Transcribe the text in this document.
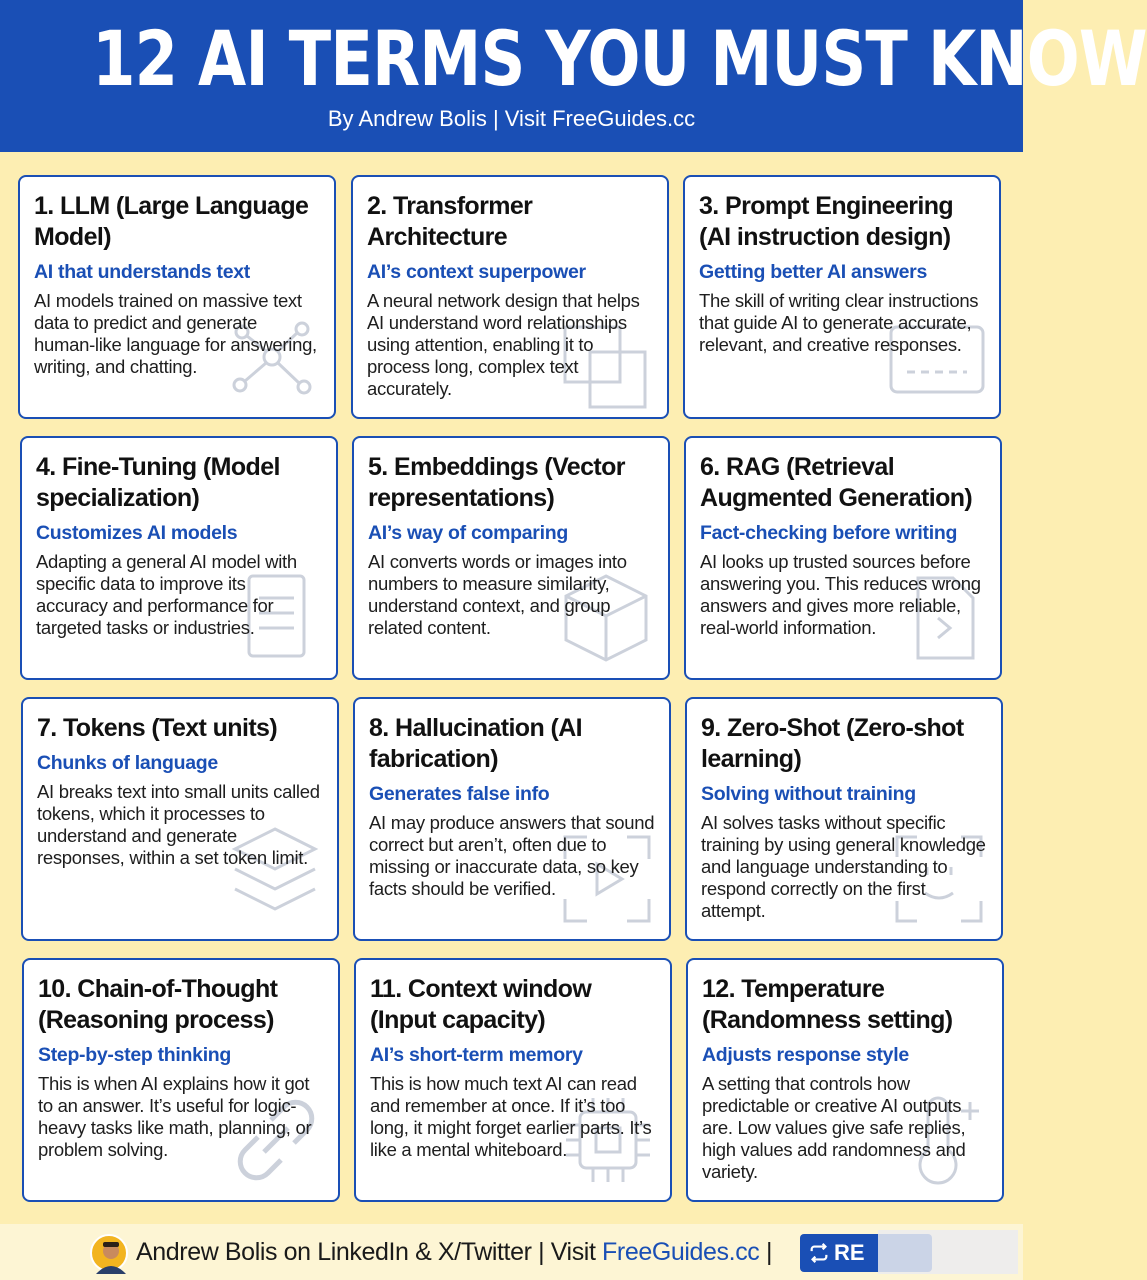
12 AI TERMS YOU MUST KNOW
By Andrew Bolis | Visit FreeGuides.cc
1. LLM (Large Language Model)
AI that understands text
AI models trained on massive text data to predict and generate human-like language for answering, writing, and chatting.
2. Transformer Architecture
AI’s context superpower
A neural network design that helps AI understand word relationships using attention, enabling it to process long, complex text accurately.
3. Prompt Engineering (AI instruction design)
Getting better AI answers
The skill of writing clear instructions that guide AI to generate accurate, relevant, and creative responses.
4. Fine-Tuning (Model specialization)
Customizes AI models
Adapting a general AI model with specific data to improve its accuracy and performance for targeted tasks or industries.
5. Embeddings (Vector representations)
AI’s way of comparing
AI converts words or images into numbers to measure similarity, understand context, and group related content.
6. RAG (Retrieval Augmented Generation)
Fact-checking before writing
AI looks up trusted sources before answering you. This reduces wrong answers and gives more reliable, real-world information.
7. Tokens (Text units)
Chunks of language
AI breaks text into small units called tokens, which it processes to understand and generate responses, within a set token limit.
8. Hallucination (AI fabrication)
Generates false info
AI may produce answers that sound correct but aren’t, often due to missing or inaccurate data, so key facts should be verified.
9. Zero-Shot (Zero-shot learning)
Solving without training
AI solves tasks without specific training by using general knowledge and language understanding to respond correctly on the first attempt.
10. Chain-of-Thought (Reasoning process)
Step-by-step thinking
This is when AI explains how it got to an answer. It’s useful for logic-heavy tasks like math, planning, or problem solving.
11. Context window (Input capacity)
AI’s short-term memory
This is how much text AI can read and remember at once. If it’s too long, it might forget earlier parts. It’s like a mental whiteboard.
12. Temperature (Randomness setting)
Adjusts response style
A setting that controls how predictable or creative AI outputs are. Low values give safe replies, high values add randomness and variety.
Andrew Bolis on LinkedIn & X/Twitter | Visit FreeGuides.cc |	RE
